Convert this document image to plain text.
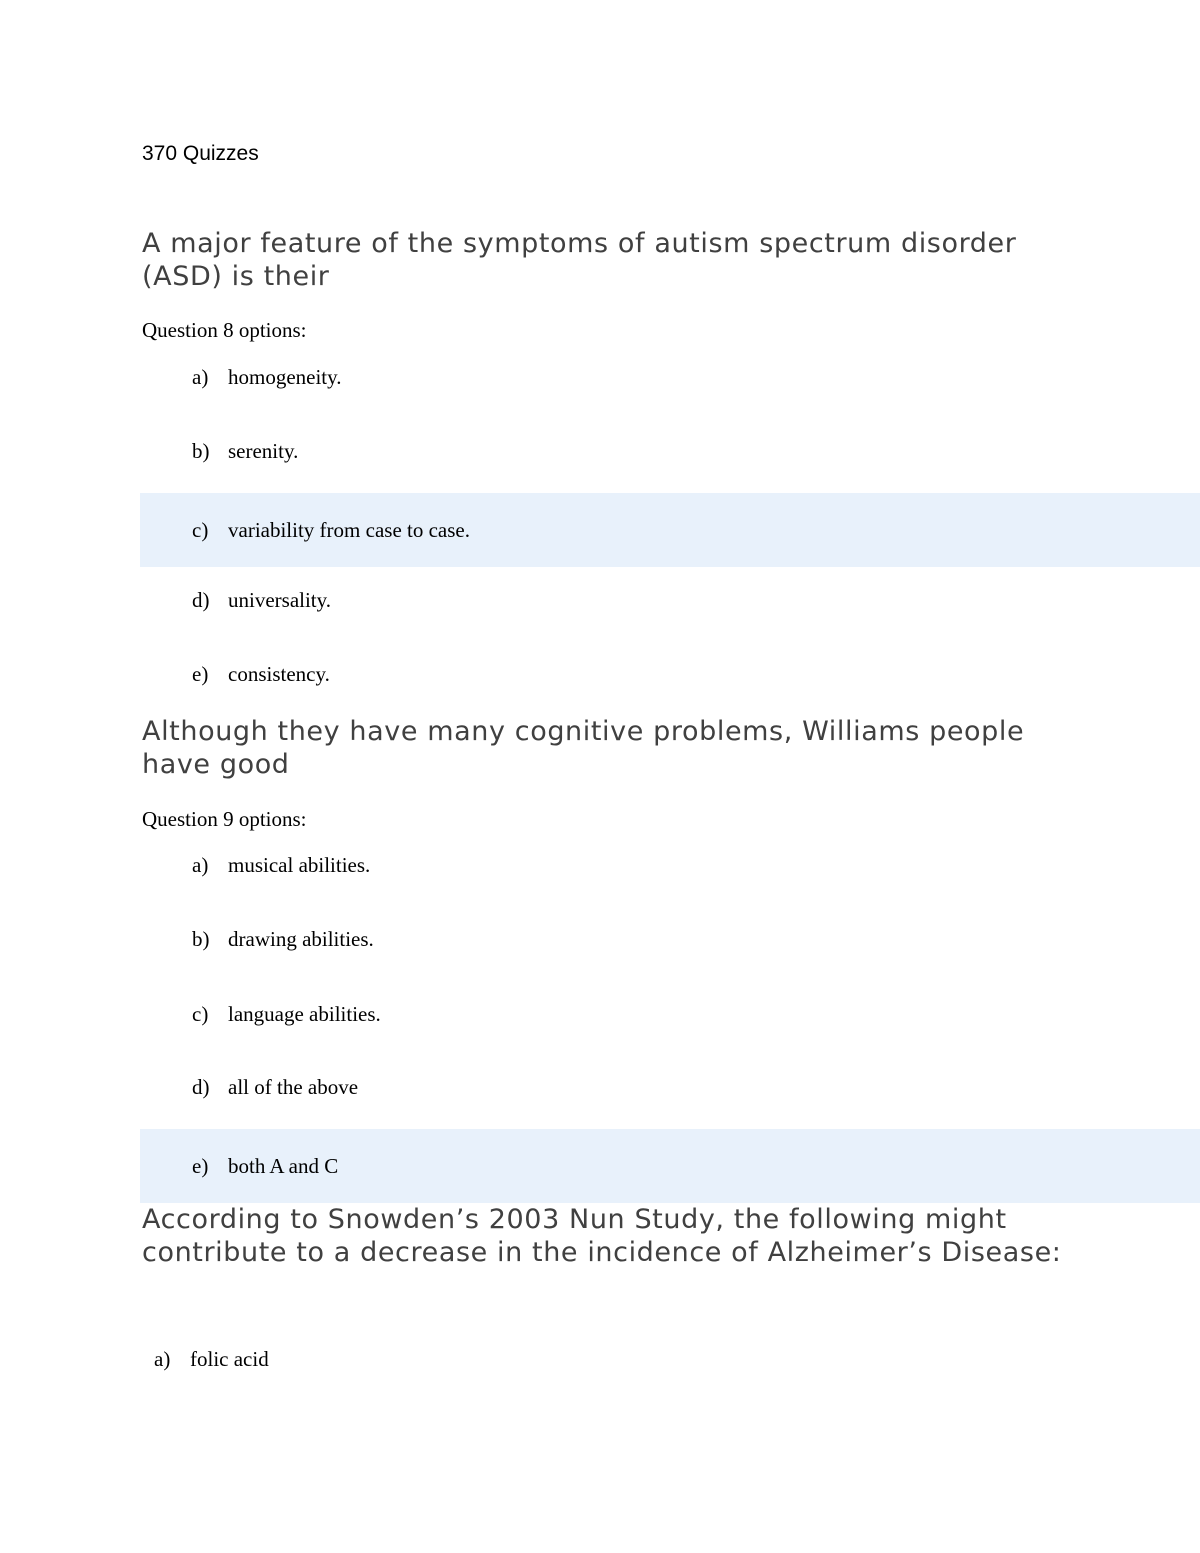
370 Quizzes

A major feature of the symptoms of autism spectrum disorder (ASD) is their

Question 8 options:

a) homogeneity.
b) serenity.
c) variability from case to case.
d) universality.
e) consistency.
Although they have many cognitive problems, Williams people have good

Question 9 options:

a) musical abilities.
b) drawing abilities.
c) language abilities.
d) all of the above
e) both A and C
According to Snowden’s 2003 Nun Study, the following might contribute to a decrease in the incidence of Alzheimer’s Disease:
a) folic acid
